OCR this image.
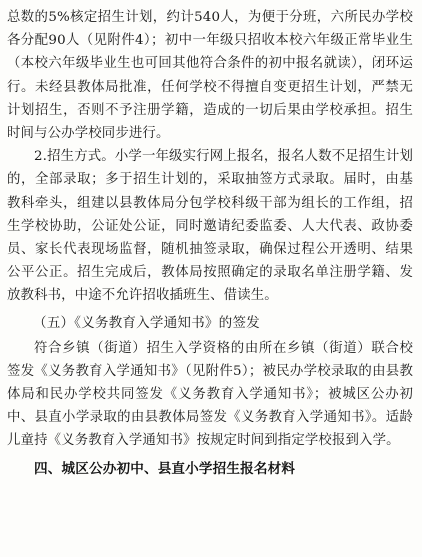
总数的5%核定招生计划，约计540人，为便于分班，六所民办学校各分配90人（见附件4）；初中一年级只招收本校六年级正常毕业生（本校六年级毕业生也可回其他符合条件的初中报名就读），闭环运行。未经县教体局批准，任何学校不得擅自变更招生计划，严禁无计划招生，否则不予注册学籍，造成的一切后果由学校承担。招生时间与公办学校同步进行。

2.招生方式。小学一年级实行网上报名，报名人数不足招生计划的，全部录取；多于招生计划的，采取抽签方式录取。届时，由基教科牵头，组建以县教体局分包学校科级干部为组长的工作组，招生学校协助，公证处公证，同时邀请纪委监委、人大代表、政协委员、家长代表现场监督，随机抽签录取，确保过程公开透明、结果公平公正。招生完成后，教体局按照确定的录取名单注册学籍、发放教科书，中途不允许招收插班生、借读生。

（五）《义务教育入学通知书》的签发

符合乡镇（街道）招生入学资格的由所在乡镇（街道）联合校签发《义务教育入学通知书》（见附件5）；被民办学校录取的由县教体局和民办学校共同签发《义务教育入学通知书》；被城区公办初中、县直小学录取的由县教体局签发《义务教育入学通知书》。适龄儿童持《义务教育入学通知书》按规定时间到指定学校报到入学。

四、城区公办初中、县直小学招生报名材料
